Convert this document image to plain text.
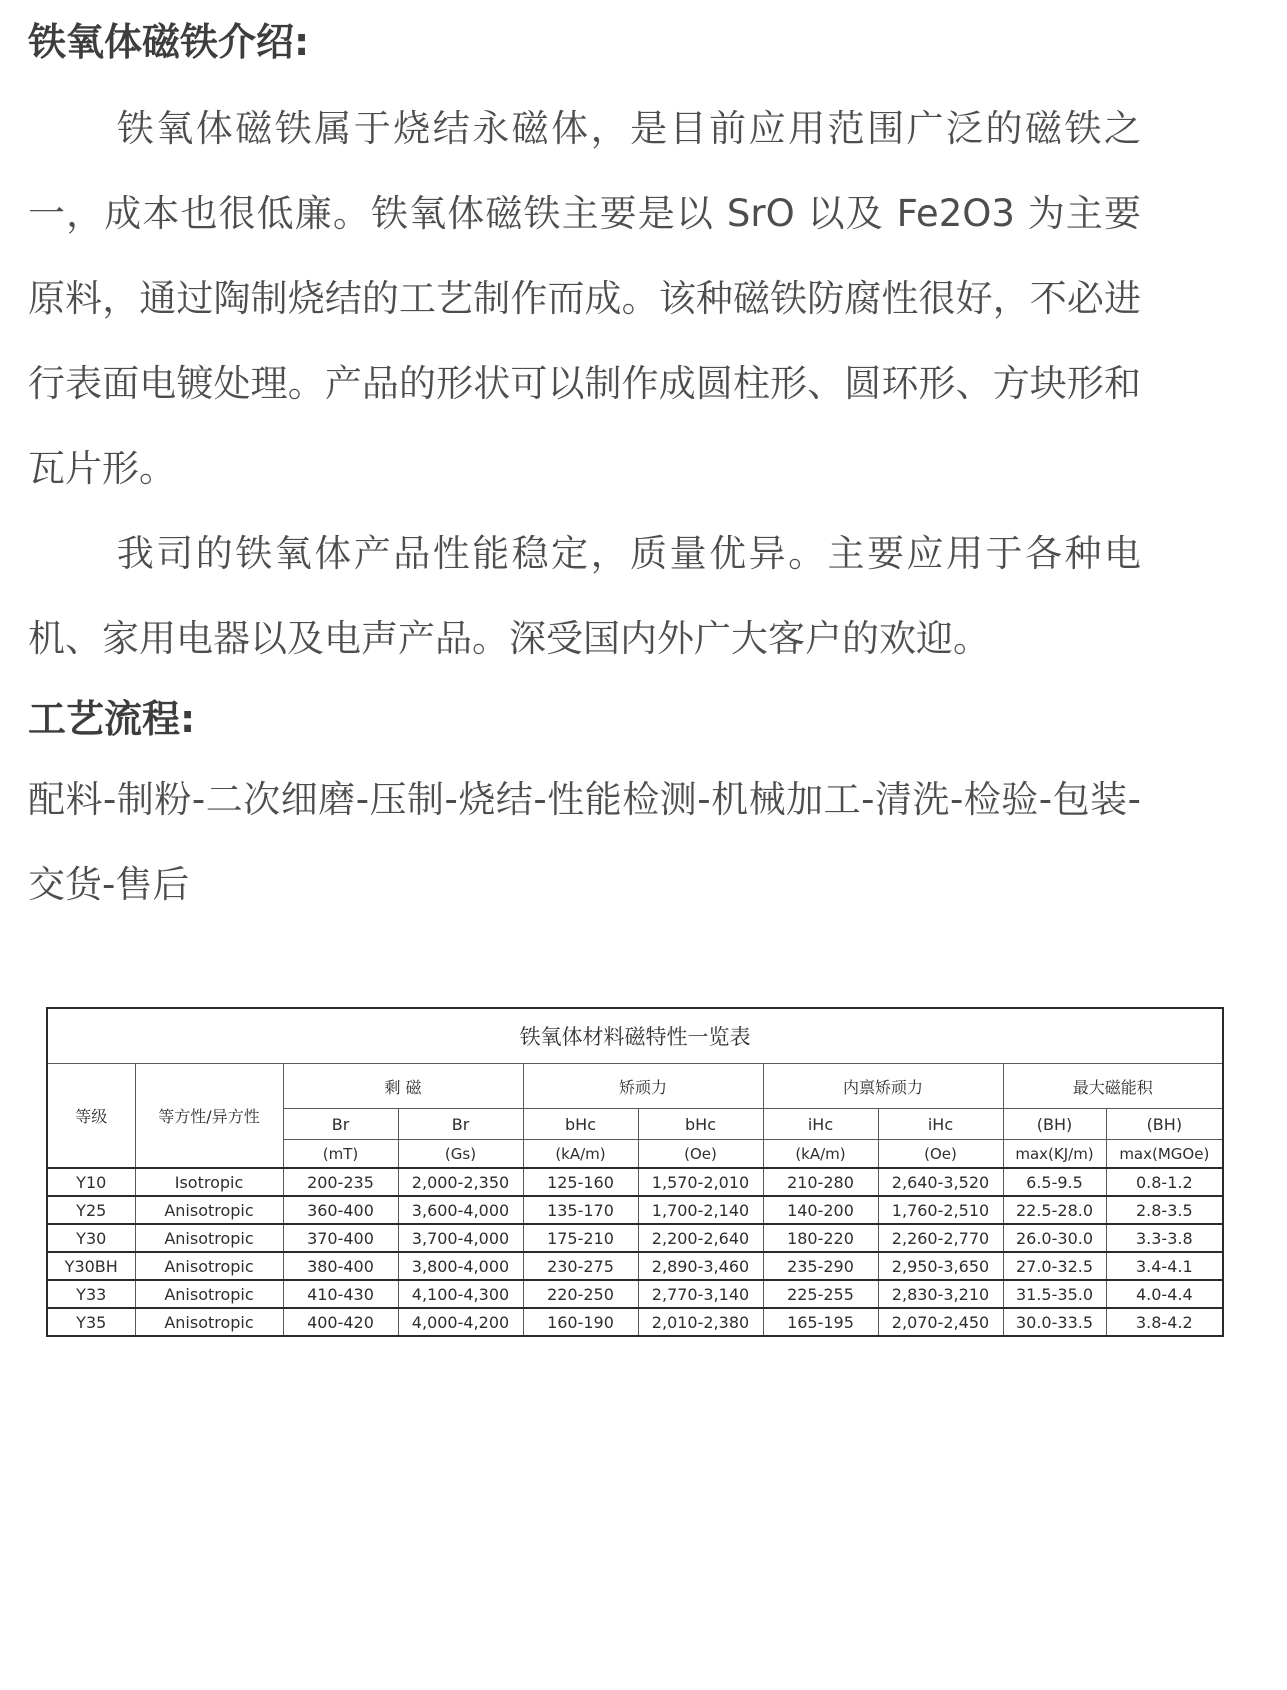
铁氧体磁铁介绍:

铁氧体磁铁属于烧结永磁体，是目前应用范围广泛的磁铁之一，成本也很低廉。铁氧体磁铁主要是以 SrO 以及 Fe2O3 为主要原料，通过陶制烧结的工艺制作而成。该种磁铁防腐性很好，不必进行表面电镀处理。产品的形状可以制作成圆柱形、圆环形、方块形和瓦片形。

我司的铁氧体产品性能稳定，质量优异。主要应用于各种电机、家用电器以及电声产品。深受国内外广大客户的欢迎。

工艺流程:

配料-制粉-二次细磨-压制-烧结-性能检测-机械加工-清洗-检验-包装-交货-售后

铁氧体材料磁特性一览表									
等级	等方性/异方性	剩 磁		矫顽力		内禀矫顽力		最大磁能积	
		Br	Br	bHc	bHc	iHc	iHc	(BH)	(BH)
		(mT)	(Gs)	(kA/m)	(Oe)	(kA/m)	(Oe)	max(KJ/m)	max(MGOe)
Y10	Isotropic	200-235	2,000-2,350	125-160	1,570-2,010	210-280	2,640-3,520	6.5-9.5	0.8-1.2
Y25	Anisotropic	360-400	3,600-4,000	135-170	1,700-2,140	140-200	1,760-2,510	22.5-28.0	2.8-3.5
Y30	Anisotropic	370-400	3,700-4,000	175-210	2,200-2,640	180-220	2,260-2,770	26.0-30.0	3.3-3.8
Y30BH	Anisotropic	380-400	3,800-4,000	230-275	2,890-3,460	235-290	2,950-3,650	27.0-32.5	3.4-4.1
Y33	Anisotropic	410-430	4,100-4,300	220-250	2,770-3,140	225-255	2,830-3,210	31.5-35.0	4.0-4.4
Y35	Anisotropic	400-420	4,000-4,200	160-190	2,010-2,380	165-195	2,070-2,450	30.0-33.5	3.8-4.2
